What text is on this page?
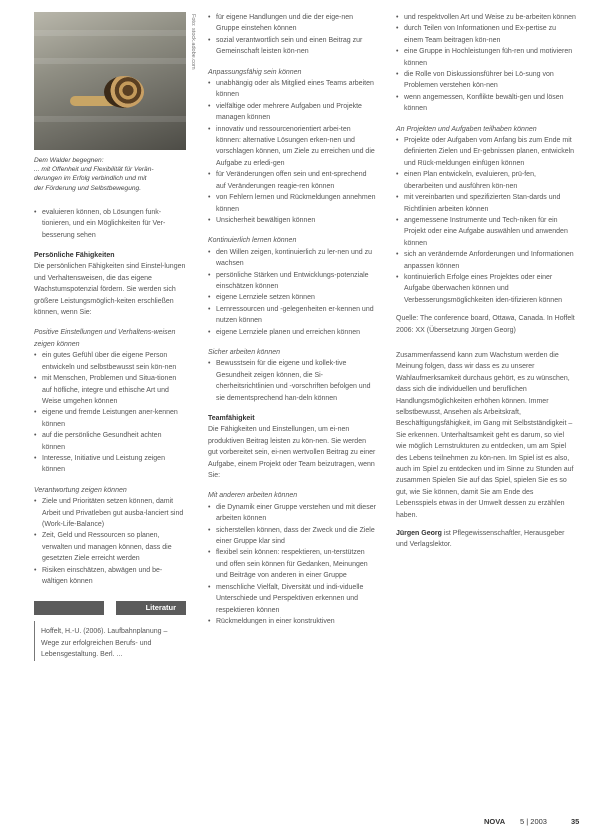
Foto: stock.adobe.com

Dem Walder begegnen:

... mit Offenheit und Flexibilität für Verän-

derungen im Erfolg verbindlich und mit

der Förderung und Selbstbewegung.

• evaluieren können, ob Lösungen funk-tionieren, und ein Möglichkeiten für Ver-besserung sehen

Persönliche Fähigkeiten

Die persönlichen Fähigkeiten sind Einstel-lungen und Verhaltensweisen, die das eigene Wachstumspotenzial fördern. Sie werden sich größere Leistungsmöglich-keiten erschließen können, wenn Sie:

Positive Einstellungen und Verhaltens-weisen zeigen können

• ein gutes Gefühl über die eigene Person entwickeln und selbstbewusst sein kön-nen
• mit Menschen, Problemen und Situa-tionen auf höfliche, integre und ethische Art und Weise umgehen können
• eigene und fremde Leistungen aner-kennen können
• auf die persönliche Gesundheit achten können
• Interesse, Initiative und Leistung zeigen können

Verantwortung zeigen können

• Ziele und Prioritäten setzen können, damit Arbeit und Privatleben gut ausba-lanciert sind (Work-Life-Balance)
• Zeit, Geld und Ressourcen so planen, verwalten und managen können, dass die gesetzten Ziele erreicht werden
• Risiken einschätzen, abwägen und be-wältigen können
Literatur

Hoffelt, H.-U. (2006). Laufbahnplanung – Wege zur erfolgreichen Berufs- und Lebensgestaltung. Berl. ...

• für eigene Handlungen und die der eige-nen Gruppe einstehen können
• sozial verantwortlich sein und einen Beitrag zur Gemeinschaft leisten kön-nen

Anpassungsfähig sein können

• unabhängig oder als Mitglied eines Teams arbeiten können
• vielfältige oder mehrere Aufgaben und Projekte managen können
• innovativ und ressourcenorientiert arbei-ten können: alternative Lösungen erken-nen und vorschlagen können, um Ziele zu erreichen und die Aufgabe zu erledi-gen
• für Veränderungen offen sein und ent-sprechend auf Veränderungen reagie-ren können
• von Fehlern lernen und Rückmeldungen annehmen können
• Unsicherheit bewältigen können

Kontinuierlich lernen können

• den Willen zeigen, kontinuierlich zu ler-nen und zu wachsen
• persönliche Stärken und Entwicklungs-potenziale einschätzen können
• eigene Lernziele setzen können
• Lernressourcen und -gelegenheiten er-kennen und nutzen können
• eigene Lernziele planen und erreichen können

Sicher arbeiten können

• Bewusstsein für die eigene und kollek-tive Gesundheit zeigen können, die Si-cherheitsrichtlinien und -vorschriften befolgen und sie dementsprechend han-deln können

Teamfähigkeit

Die Fähigkeiten und Einstellungen, um ei-nen produktiven Beitrag leisten zu kön-nen. Sie werden gut vorbereitet sein, ei-nen wertvollen Beitrag zu einer Aufgabe, einem Projekt oder Team beizutragen, wenn Sie:

Mit anderen arbeiten können

• die Dynamik einer Gruppe verstehen und mit dieser arbeiten können
• sicherstellen können, dass der Zweck und die Ziele einer Gruppe klar sind
• flexibel sein können: respektieren, un-terstützen und offen sein können für Gedanken, Meinungen und Beiträge von anderen in einer Gruppe
• menschliche Vielfalt, Diversität und indi-viduelle Unterschiede und Perspektiven erkennen und respektieren können
• Rückmeldungen in einer konstruktiven
• und respektvollen Art und Weise zu be-arbeiten können
• durch Teilen von Informationen und Ex-pertise zu einem Team beitragen kön-nen
• eine Gruppe in Hochleistungen füh-ren und motivieren können
• die Rolle von Diskussionsführer bei Lö-sung von Problemen verstehen kön-nen
• wenn angemessen, Konflikte bewälti-gen und lösen können

An Projekten und Aufgaben teilhaben können

• Projekte oder Aufgaben vom Anfang bis zum Ende mit definierten Zielen und Er-gebnissen planen, entwickeln und Rück-meldungen einfügen können
• einen Plan entwickeln, evaluieren, prü-fen, überarbeiten und ausführen kön-nen
• mit vereinbarten und spezifizierten Stan-dards und Richtlinien arbeiten können
• angemessene Instrumente und Tech-niken für ein Projekt oder eine Aufgabe auswählen und anwenden können
• sich an verändernde Anforderungen und Informationen anpassen können
• kontinuierlich Erfolge eines Projektes oder einer Aufgabe überwachen können und Verbesserungsmöglichkeiten iden-tifizieren können

Quelle: The conference board, Ottawa, Canada. In Hoffelt 2006: XX (Übersetzung Jürgen Georg)

Zusammenfassend kann zum Wachstum werden die Meinung folgen, dass wir dass es zu unserer Wahlaufmerksamkeit durchaus gehört, es zu wünschen, dass sich die individuellen und beruflichen Handlungsmöglichkeiten erhöhen können. Immer selbstbewusst, Ansehen als Arbeitskraft, Beschäftigungsfähigkeit, im Gang mit Selbstständigkeit – Sie erkennen. Unterhaltsamkeit geht es darum, so viel wie möglich Lernstrukturen zu entdecken, um am Spiel des Lebens teilnehmen zu kön-nen. Im Spiel ist es also, auch im Spiel zu entdecken und im Sinne zu Stunden auf zusammen Spielen Sie auf das Spiel, spielen Sie es so gut, wie Sie können, damit Sie am Ende des Lebensspiels etwas in der Umwelt dessen zu erzählen haben.

Jürgen Georg ist Pflegewissenschaftler, Herausgeber und Verlagslektor.

NOVA 5 | 2003	35
